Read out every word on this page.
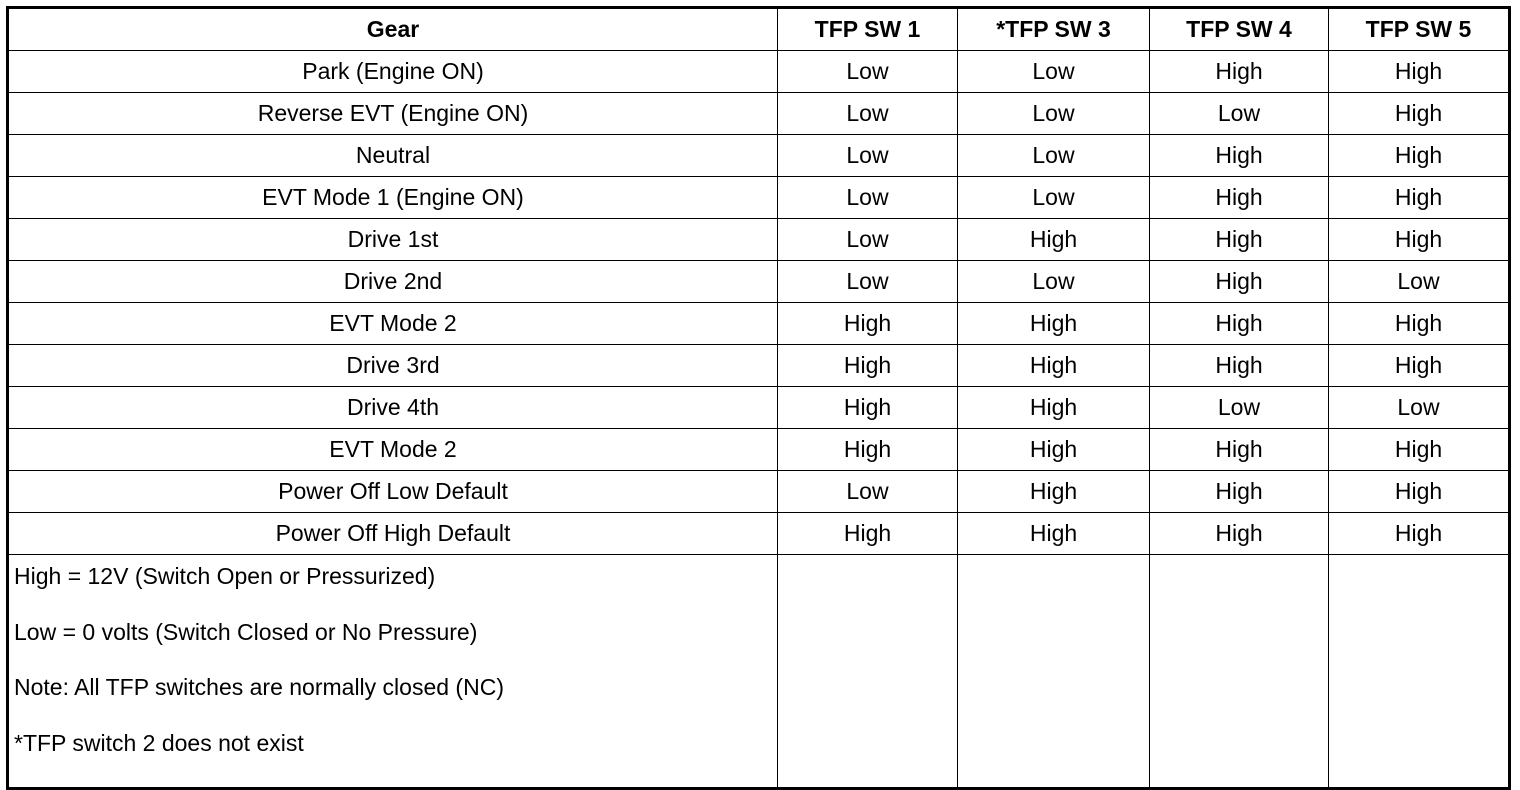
Gear	TFP SW 1	*TFP SW 3	TFP SW 4	TFP SW 5
Park (Engine ON)	Low	Low	High	High
Reverse EVT (Engine ON)	Low	Low	Low	High
Neutral	Low	Low	High	High
EVT Mode 1 (Engine ON)	Low	Low	High	High
Drive 1st	Low	High	High	High
Drive 2nd	Low	Low	High	Low
EVT Mode 2	High	High	High	High
Drive 3rd	High	High	High	High
Drive 4th	High	High	Low	Low
EVT Mode 2	High	High	High	High
Power Off Low Default	Low	High	High	High
Power Off High Default	High	High	High	High

High = 12V (Switch Open or Pressurized)
Low = 0 volts (Switch Closed or No Pressure)
Note: All TFP switches are normally closed (NC)
*TFP switch 2 does not exist				
